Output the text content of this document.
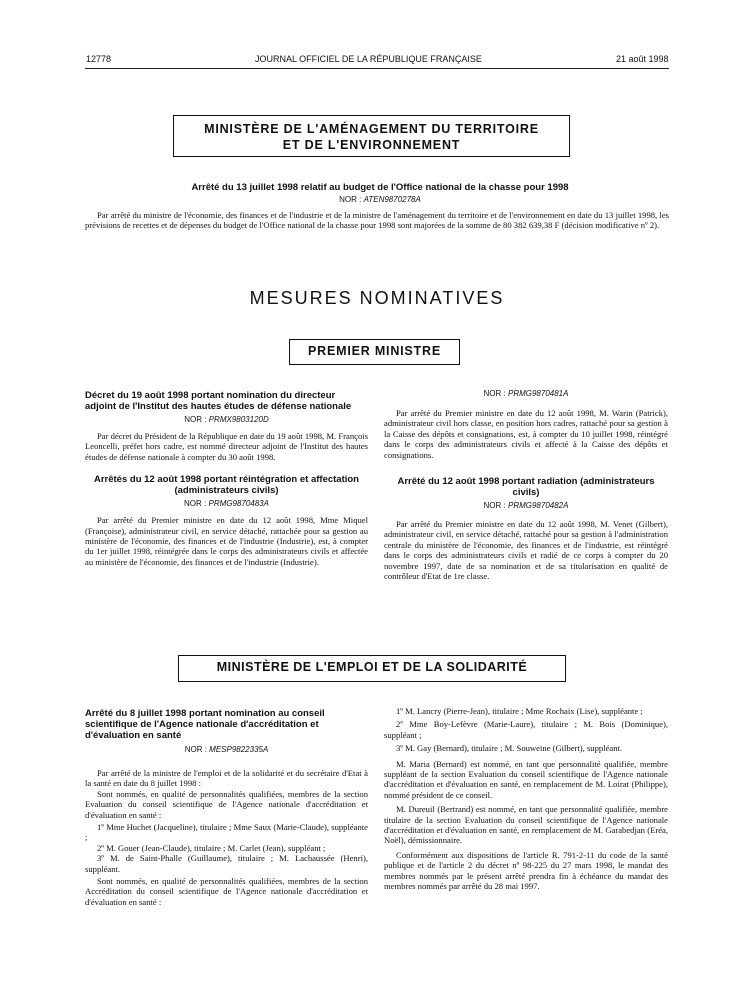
12778	JOURNAL OFFICIEL DE LA RÉPUBLIQUE FRANÇAISE	21 août 1998
MINISTÈRE DE L'AMÉNAGEMENT DU TERRITOIRE
ET DE L'ENVIRONNEMENT
Arrêté du 13 juillet 1998 relatif au budget de l'Office national de la chasse pour 1998
NOR : ATEN9870278A

Par arrêté du ministre de l'économie, des finances et de l'industrie et de la ministre de l'aménagement du territoire et de l'environnement en date du 13 juillet 1998, les prévisions de recettes et de dépenses du budget de l'Office national de la chasse pour 1998 sont majorées de la somme de 80 382 639,38 F (décision modificative nº 2).

MESURES NOMINATIVES
PREMIER MINISTRE
Décret du 19 août 1998 portant nomination du directeur adjoint de l'Institut des hautes études de défense nationale
NOR : PRMX9803120D

Par décret du Président de la République en date du 19 août 1998, M. François Leoncelli, préfet hors cadre, est nommé directeur adjoint de l'Institut des hautes études de défense nationale à compter du 30 août 1998.

Arrêtés du 12 août 1998 portant réintégration et affectation (administrateurs civils)
NOR : PRMG9870483A

Par arrêté du Premier ministre en date du 12 août 1998, Mme Miquel (Françoise), administrateur civil, en service détaché, rattachée pour sa gestion au ministère de l'économie, des finances et de l'industrie (Industrie), est, à compter du 1er juillet 1998, réintégrée dans le corps des administrateurs civils et affectée au ministère de l'économie, des finances et de l'industrie (Industrie).

NOR : PRMG9870481A

Par arrêté du Premier ministre en date du 12 août 1998, M. Warin (Patrick), administrateur civil hors classe, en position hors cadres, rattaché pour sa gestion à la Caisse des dépôts et consignations, est, à compter du 10 juillet 1998, réintégré dans le corps des administrateurs civils et affecté à la Caisse des dépôts et consignations.

Arrêté du 12 août 1998 portant radiation (administrateurs civils)
NOR : PRMG9870482A

Par arrêté du Premier ministre en date du 12 août 1998, M. Venet (Gilbert), administrateur civil, en service détaché, rattaché pour sa gestion à l'administration centrale du ministère de l'économie, des finances et de l'industrie, est réintégré dans le corps des administrateurs civils et radié de ce corps à compter du 20 novembre 1997, date de sa nomination et de sa titularisation en qualité de contrôleur d'Etat de 1re classe.

MINISTÈRE DE L'EMPLOI ET DE LA SOLIDARITÉ
Arrêté du 8 juillet 1998 portant nomination au conseil scientifique de l'Agence nationale d'accréditation et d'évaluation en santé
NOR : MESP9822335A

Par arrêté de la ministre de l'emploi et de la solidarité et du secrétaire d'Etat à la santé en date du 8 juillet 1998 :

Sont nommés, en qualité de personnalités qualifiées, membres de la section Evaluation du conseil scientifique de l'Agence nationale d'accréditation et d'évaluation en santé :

1º Mme Huchet (Jacqueline), titulaire ; Mme Saux (Marie-Claude), suppléante ;

2º M. Gouer (Jean-Claude), titulaire ; M. Carlet (Jean), suppléant ;

3º M. de Saint-Phalle (Guillaume), titulaire ; M. Lachaussée (Henri), suppléant.

Sont nommés, en qualité de personnalités qualifiées, membres de la section Accréditation du conseil scientifique de l'Agence nationale d'accréditation et d'évaluation en santé :

1º M. Lancry (Pierre-Jean), titulaire ; Mme Rochaix (Lise), suppléante ;

2º Mme Boy-Lefèvre (Marie-Laure), titulaire ; M. Bois (Dominique), suppléant ;

3º M. Gay (Bernard), titulaire ; M. Souweine (Gilbert), suppléant.

M. Maria (Bernard) est nommé, en tant que personnalité qualifiée, membre suppléant de la section Evaluation du conseil scientifique de l'Agence nationale d'accréditation et d'évaluation en santé, en remplacement de M. Loirat (Philippe), nommé président de ce conseil.

M. Dureuil (Bertrand) est nommé, en tant que personnalité qualifiée, membre titulaire de la section Evaluation du conseil scientifique de l'Agence nationale d'accréditation et d'évaluation en santé, en remplacement de M. Garabedjan (Eréa, Noël), démissionnaire.

Conformément aux dispositions de l'article R. 791-2-11 du code de la santé publique et de l'article 2 du décret nº 98-225 du 27 mars 1998, le mandat des membres nommés par le présent arrêté prendra fin à échéance du mandat des membres nommés par arrêté du 28 mai 1997.
